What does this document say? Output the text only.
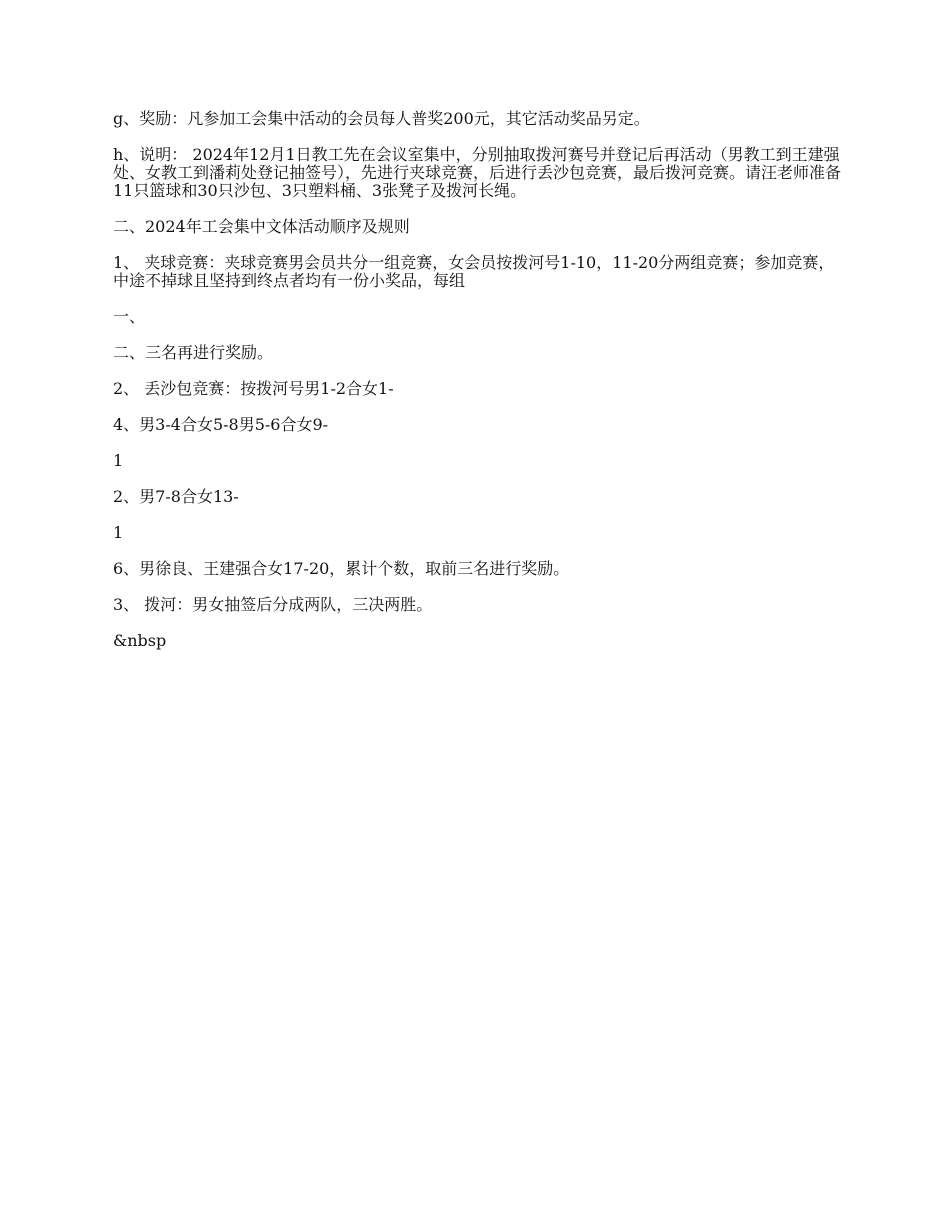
g、奖励：凡参加工会集中活动的会员每人普奖200元，其它活动奖品另定。

h、说明： 2024年12月1日教工先在会议室集中，分别抽取拨河赛号并登记后再活动（男教工到王建强处、女教工到潘莉处登记抽签号），先进行夹球竞赛，后进行丢沙包竞赛，最后拨河竞赛。请汪老师准备11只篮球和30只沙包、3只塑料桶、3张凳子及拨河长绳。

二、2024年工会集中文体活动顺序及规则

1、 夹球竞赛：夹球竞赛男会员共分一组竞赛，女会员按拨河号1-10，11-20分两组竞赛；参加竞赛，中途不掉球且坚持到终点者均有一份小奖品，每组

一、

二、三名再进行奖励。

2、 丢沙包竞赛：按拨河号男1-2合女1-

4、男3-4合女5-8男5-6合女9-

1

2、男7-8合女13-

1

6、男徐良、王建强合女17-20，累计个数，取前三名进行奖励。

3、 拨河：男女抽签后分成两队，三决两胜。

&nbsp
